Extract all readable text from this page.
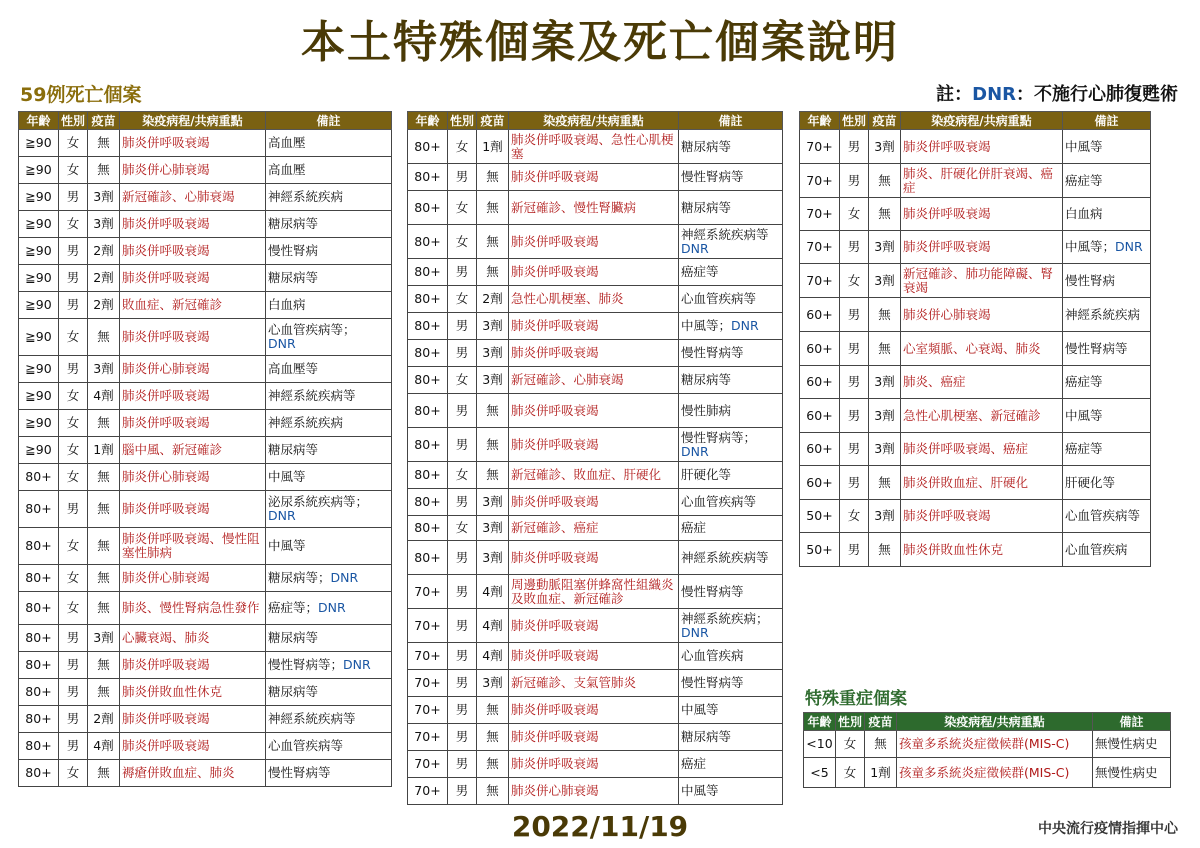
本土特殊個案及死亡個案說明
59例死亡個案	註：DNR：不施行心肺復甦術
年齡	性別	疫苗	染疫病程/共病重點	備註
≧90	女	無	肺炎併呼吸衰竭	高血壓
≧90	女	無	肺炎併心肺衰竭	高血壓
≧90	男	3劑	新冠確診、心肺衰竭	神經系統疾病
≧90	女	3劑	肺炎併呼吸衰竭	糖尿病等
≧90	男	2劑	肺炎併呼吸衰竭	慢性腎病
≧90	男	2劑	肺炎併呼吸衰竭	糖尿病等
≧90	男	2劑	敗血症、新冠確診	白血病
≧90	女	無	肺炎併呼吸衰竭	心血管疾病等；
DNR
≧90	男	3劑	肺炎併心肺衰竭	高血壓等
≧90	女	4劑	肺炎併呼吸衰竭	神經系統疾病等
≧90	女	無	肺炎併呼吸衰竭	神經系統疾病
≧90	女	1劑	腦中風、新冠確診	糖尿病等
80+	女	無	肺炎併心肺衰竭	中風等
80+	男	無	肺炎併呼吸衰竭	泌尿系統疾病等；
DNR
80+	女	無	肺炎併呼吸衰竭、慢性阻塞性肺病	中風等
80+	女	無	肺炎併心肺衰竭	糖尿病等；DNR
80+	女	無	肺炎、慢性腎病急性發作	癌症等；DNR
80+	男	3劑	心臟衰竭、肺炎	糖尿病等
80+	男	無	肺炎併呼吸衰竭	慢性腎病等；DNR
80+	男	無	肺炎併敗血性休克	糖尿病等
80+	男	2劑	肺炎併呼吸衰竭	神經系統疾病等
80+	男	4劑	肺炎併呼吸衰竭	心血管疾病等
80+	女	無	褥瘡併敗血症、肺炎	慢性腎病等
年齡	性別	疫苗	染疫病程/共病重點	備註
80+	女	1劑	肺炎併呼吸衰竭、急性心肌梗塞	糖尿病等
80+	男	無	肺炎併呼吸衰竭	慢性腎病等
80+	女	無	新冠確診、慢性腎臟病	糖尿病等
80+	女	無	肺炎併呼吸衰竭	神經系統疾病等
DNR
80+	男	無	肺炎併呼吸衰竭	癌症等
80+	女	2劑	急性心肌梗塞、肺炎	心血管疾病等
80+	男	3劑	肺炎併呼吸衰竭	中風等；DNR
80+	男	3劑	肺炎併呼吸衰竭	慢性腎病等
80+	女	3劑	新冠確診、心肺衰竭	糖尿病等
80+	男	無	肺炎併呼吸衰竭	慢性肺病
80+	男	無	肺炎併呼吸衰竭	慢性腎病等；
DNR
80+	女	無	新冠確診、敗血症、肝硬化	肝硬化等
80+	男	3劑	肺炎併呼吸衰竭	心血管疾病等
80+	女	3劑	新冠確診、癌症	癌症
80+	男	3劑	肺炎併呼吸衰竭	神經系統疾病等
70+	男	4劑	周邊動脈阻塞併蜂窩性組織炎及敗血症、新冠確診	慢性腎病等
70+	男	4劑	肺炎併呼吸衰竭	神經系統疾病；
DNR
70+	男	4劑	肺炎併呼吸衰竭	心血管疾病
70+	男	3劑	新冠確診、支氣管肺炎	慢性腎病等
70+	男	無	肺炎併呼吸衰竭	中風等
70+	男	無	肺炎併呼吸衰竭	糖尿病等
70+	男	無	肺炎併呼吸衰竭	癌症
70+	男	無	肺炎併心肺衰竭	中風等
年齡	性別	疫苗	染疫病程/共病重點	備註
70+	男	3劑	肺炎併呼吸衰竭	中風等
70+	男	無	肺炎、肝硬化併肝衰竭、癌症	癌症等
70+	女	無	肺炎併呼吸衰竭	白血病
70+	男	3劑	肺炎併呼吸衰竭	中風等；DNR
70+	女	3劑	新冠確診、肺功能障礙、腎衰竭	慢性腎病
60+	男	無	肺炎併心肺衰竭	神經系統疾病
60+	男	無	心室頻脈、心衰竭、肺炎	慢性腎病等
60+	男	3劑	肺炎、癌症	癌症等
60+	男	3劑	急性心肌梗塞、新冠確診	中風等
60+	男	3劑	肺炎併呼吸衰竭、癌症	癌症等
60+	男	無	肺炎併敗血症、肝硬化	肝硬化等
50+	女	3劑	肺炎併呼吸衰竭	心血管疾病等
50+	男	無	肺炎併敗血性休克	心血管疾病
年齡	性別	疫苗	染疫病程/共病重點	備註
<10	女	無	孩童多系統炎症徵候群(MIS-C)	無慢性病史
<5	女	1劑	孩童多系統炎症徵候群(MIS-C)	無慢性病史
特殊重症個案
2022/11/19	中央流行疫情指揮中心
